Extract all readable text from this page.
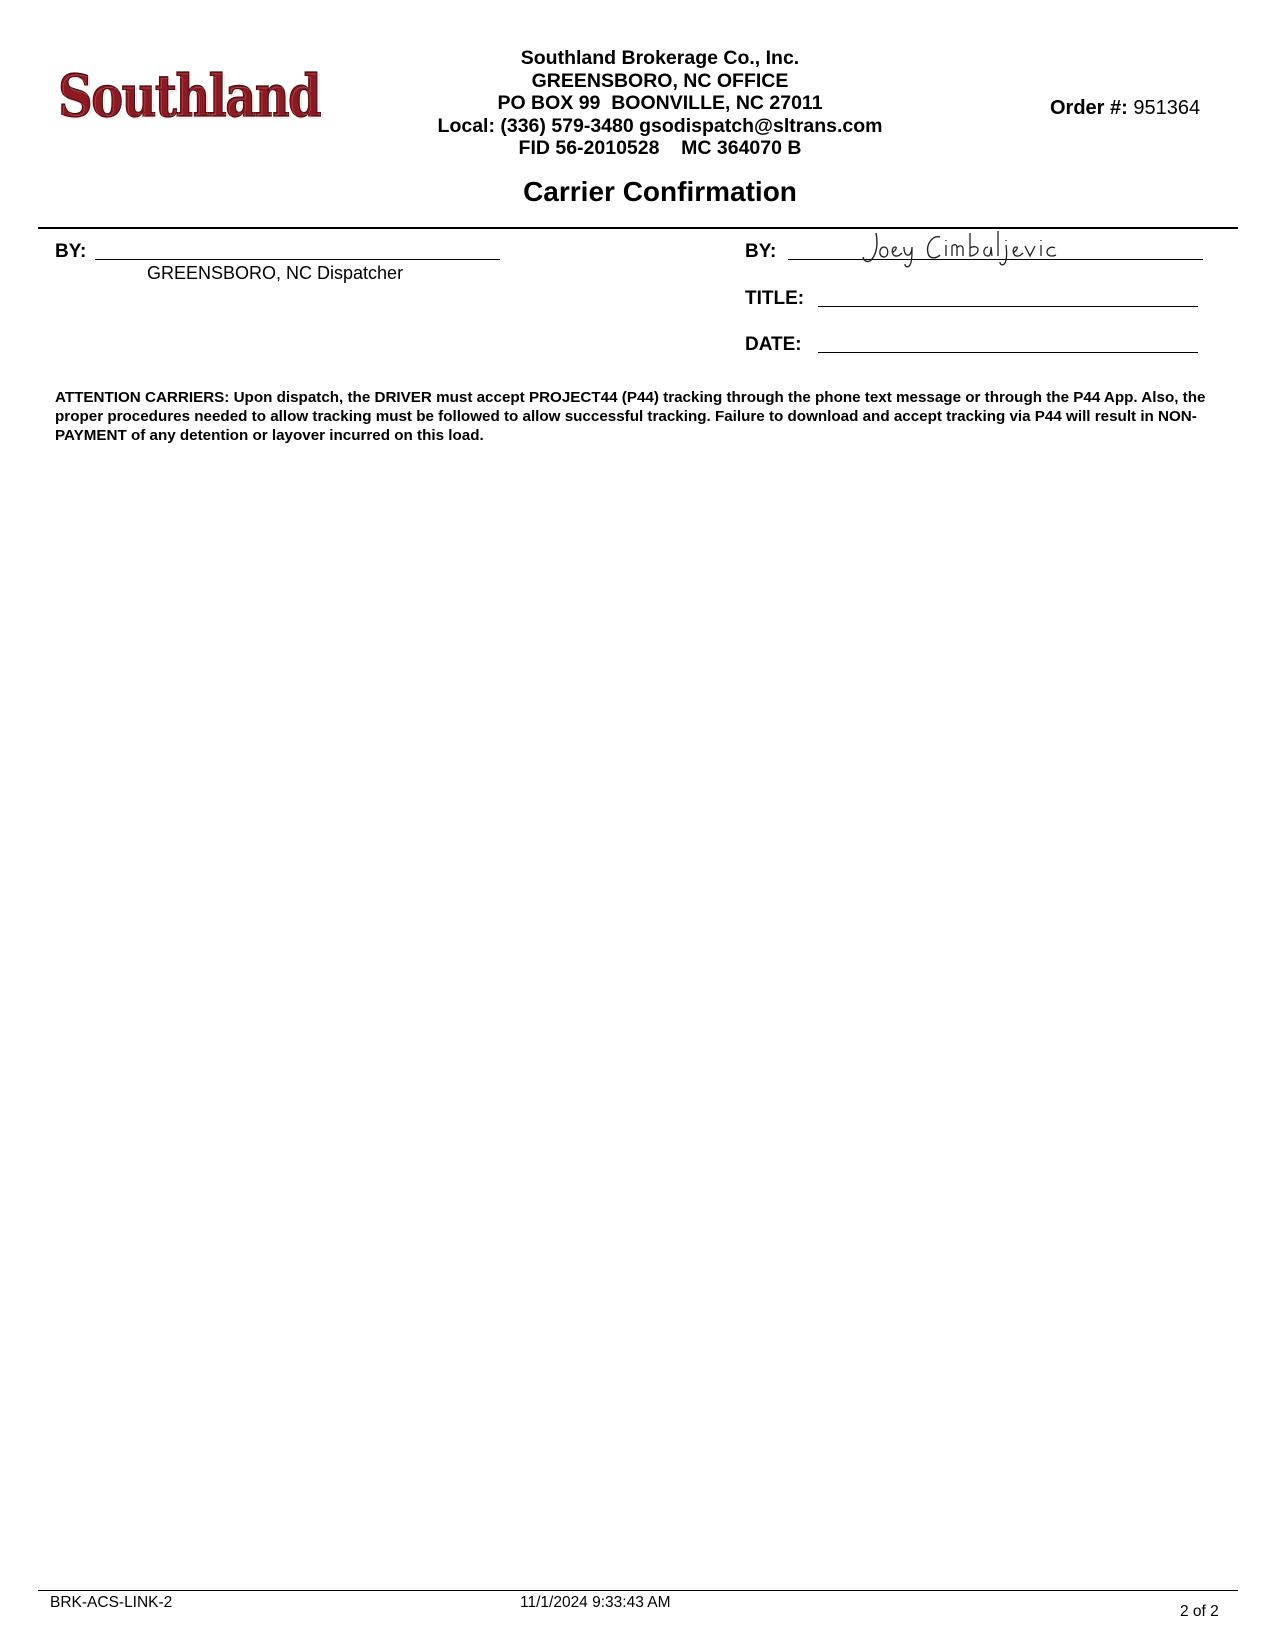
Southland
Southland
Southland Brokerage Co., Inc.
GREENSBORO, NC OFFICE
PO BOX 99  BOONVILLE, NC 27011
Local: (336) 579-3480 gsodispatch@sltrans.com
FID 56-2010528    MC 364070 B
Order #: 951364
Carrier Confirmation
BY:
GREENSBORO, NC Dispatcher
BY:
TITLE:
DATE:
ATTENTION CARRIERS: Upon dispatch, the DRIVER must accept PROJECT44 (P44) tracking through the phone text message or through the P44 App. Also, the proper procedures needed to allow tracking must be followed to allow successful tracking. Failure to download and accept tracking via P44 will result in NON-PAYMENT of any detention or layover incurred on this load.
BRK-ACS-LINK-2	11/1/2024 9:33:43 AM
2 of 2
